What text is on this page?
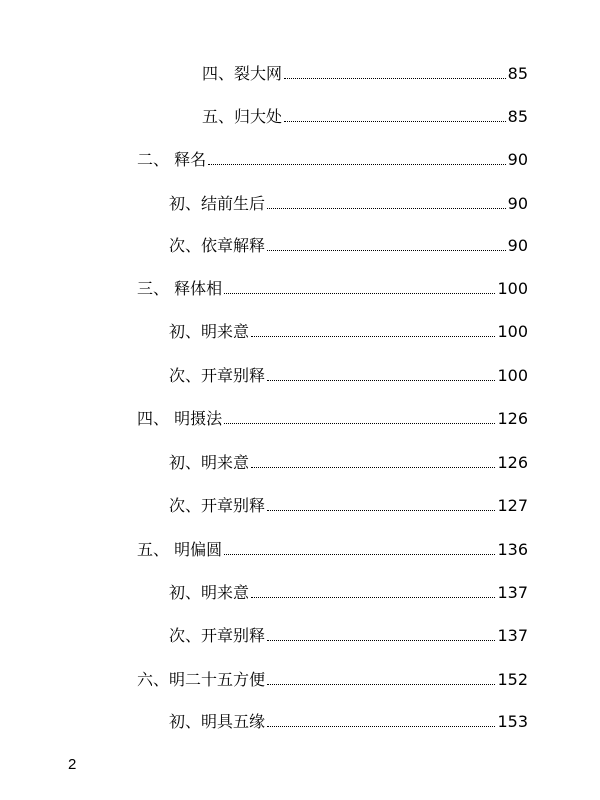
四、 裂大网	85
五、 归大处	85
二、 释名	90
初、 结前生后	90
次、 依章解释	90
三、 释体相	100
初、 明来意	100
次、 开章别释	100
四、 明摄法	126
初、 明来意	126
次、 开章别释	127
五、 明偏圆	136
初、 明来意	137
次、 开章别释	137
六、 明二十五方便	152
初、 明具五缘	153
2
